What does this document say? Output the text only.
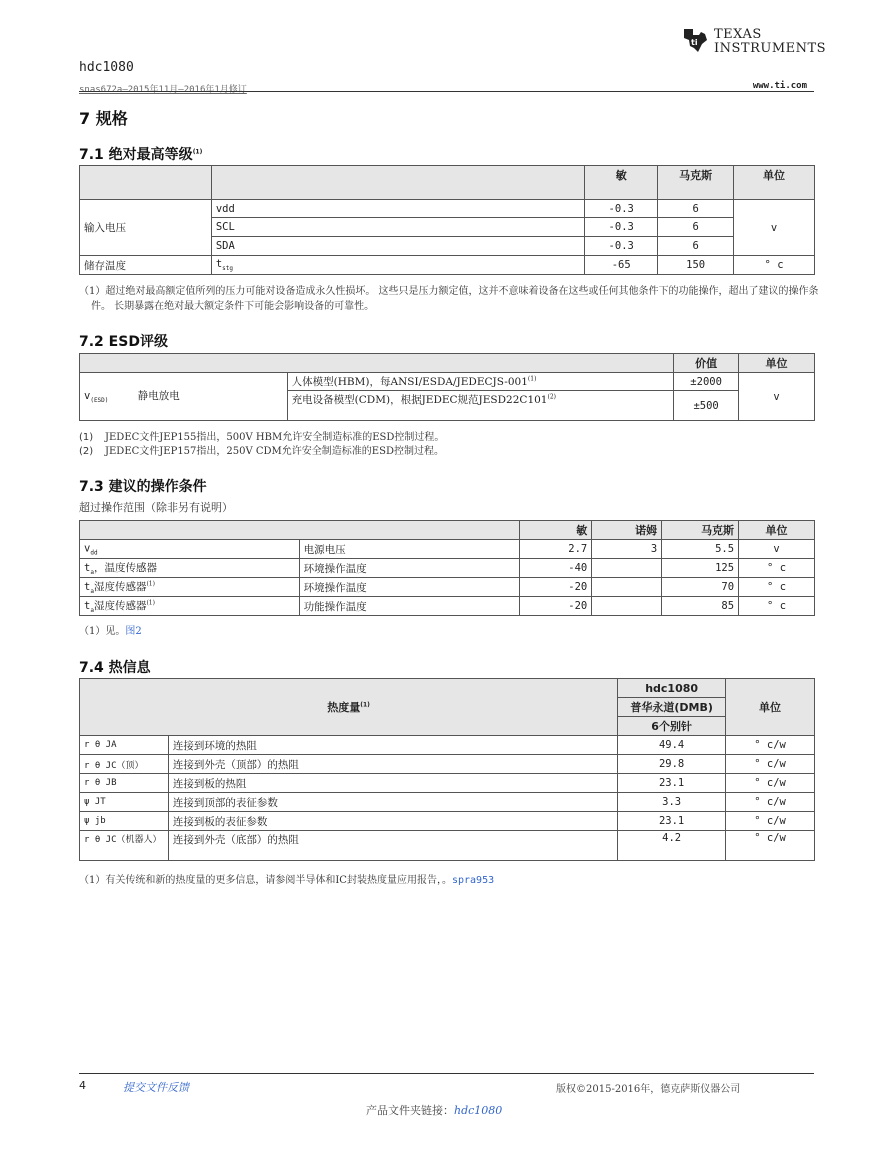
hdc1080
snas672a–2015年11月–2016年1月修订	www.ti.com
ti
TEXAS
INSTRUMENTS
7 规格
7.1 绝对最高等级$^{(1)}$
		敏	马克斯	单位
输入电压	vdd	-0.3	6	v
	SCL	-0.3	6	
	SDA	-0.3	6	
储存温度	$t_{stg}$	-65	150	° c
（1）超过绝对最高额定值所列的压力可能对设备造成永久性损坏。 这些只是压力额定值，这并不意味着设备在这些或任何其他条件下的功能操作，超出了建议的操作条件。 长期暴露在绝对最大额定条件下可能会影响设备的可靠性。
7.2 ESD评级
		价值	单位
$v_{(ESD)}$ 静电放电	人体模型(HBM)，每ANSI/$ESDA/JEDECJS-001^{(1)}$	±2000	v
	充电设备模型(CDM)，根据JEDEC规范$JESD22C101^{(2)}$	±500	
(1) JEDEC文件JEP155指出，500V HBM允许安全制造标准的ESD控制过程。
(2) JEDEC文件JEP157指出，250V CDM允许安全制造标准的ESD控制过程。
7.3 建议的操作条件
超过操作范围（除非另有说明）
		敏	诺姆	马克斯	单位
$v_{dd}$	电源电压	2.7	3	5.5	v
$t_a$，温度传感器	环境操作温度	-40		125	° c
$t_a$湿度传感器$^{(1)}$	环境操作温度	-20		70	° c
$t_a$湿度传感器$^{(1)}$	功能操作温度	-20		85	° c
（1）见。图2
7.4 热信息
热度量$^{(1)}$		hdc1080	单位
		普华永道(DMB)	
		6个别针	
r θ JA	连接到环境的热阻	49.4	° c/w
r θ JC（顶）	连接到外壳（顶部）的热阻	29.8	° c/w
r θ JB	连接到板的热阻	23.1	° c/w
ψ JT	连接到顶部的表征参数	3.3	° c/w
ψ jb	连接到板的表征参数	23.1	° c/w
r θ JC（机器人）	连接到外壳（底部）的热阻	4.2	° c/w
（1）有关传统和新的热度量的更多信息，请参阅半导体和IC封装热度量应用报告，。spra953
4	提交文件反馈	版权©2015-2016年，德克萨斯仪器公司
产品文件夹链接：hdc1080
